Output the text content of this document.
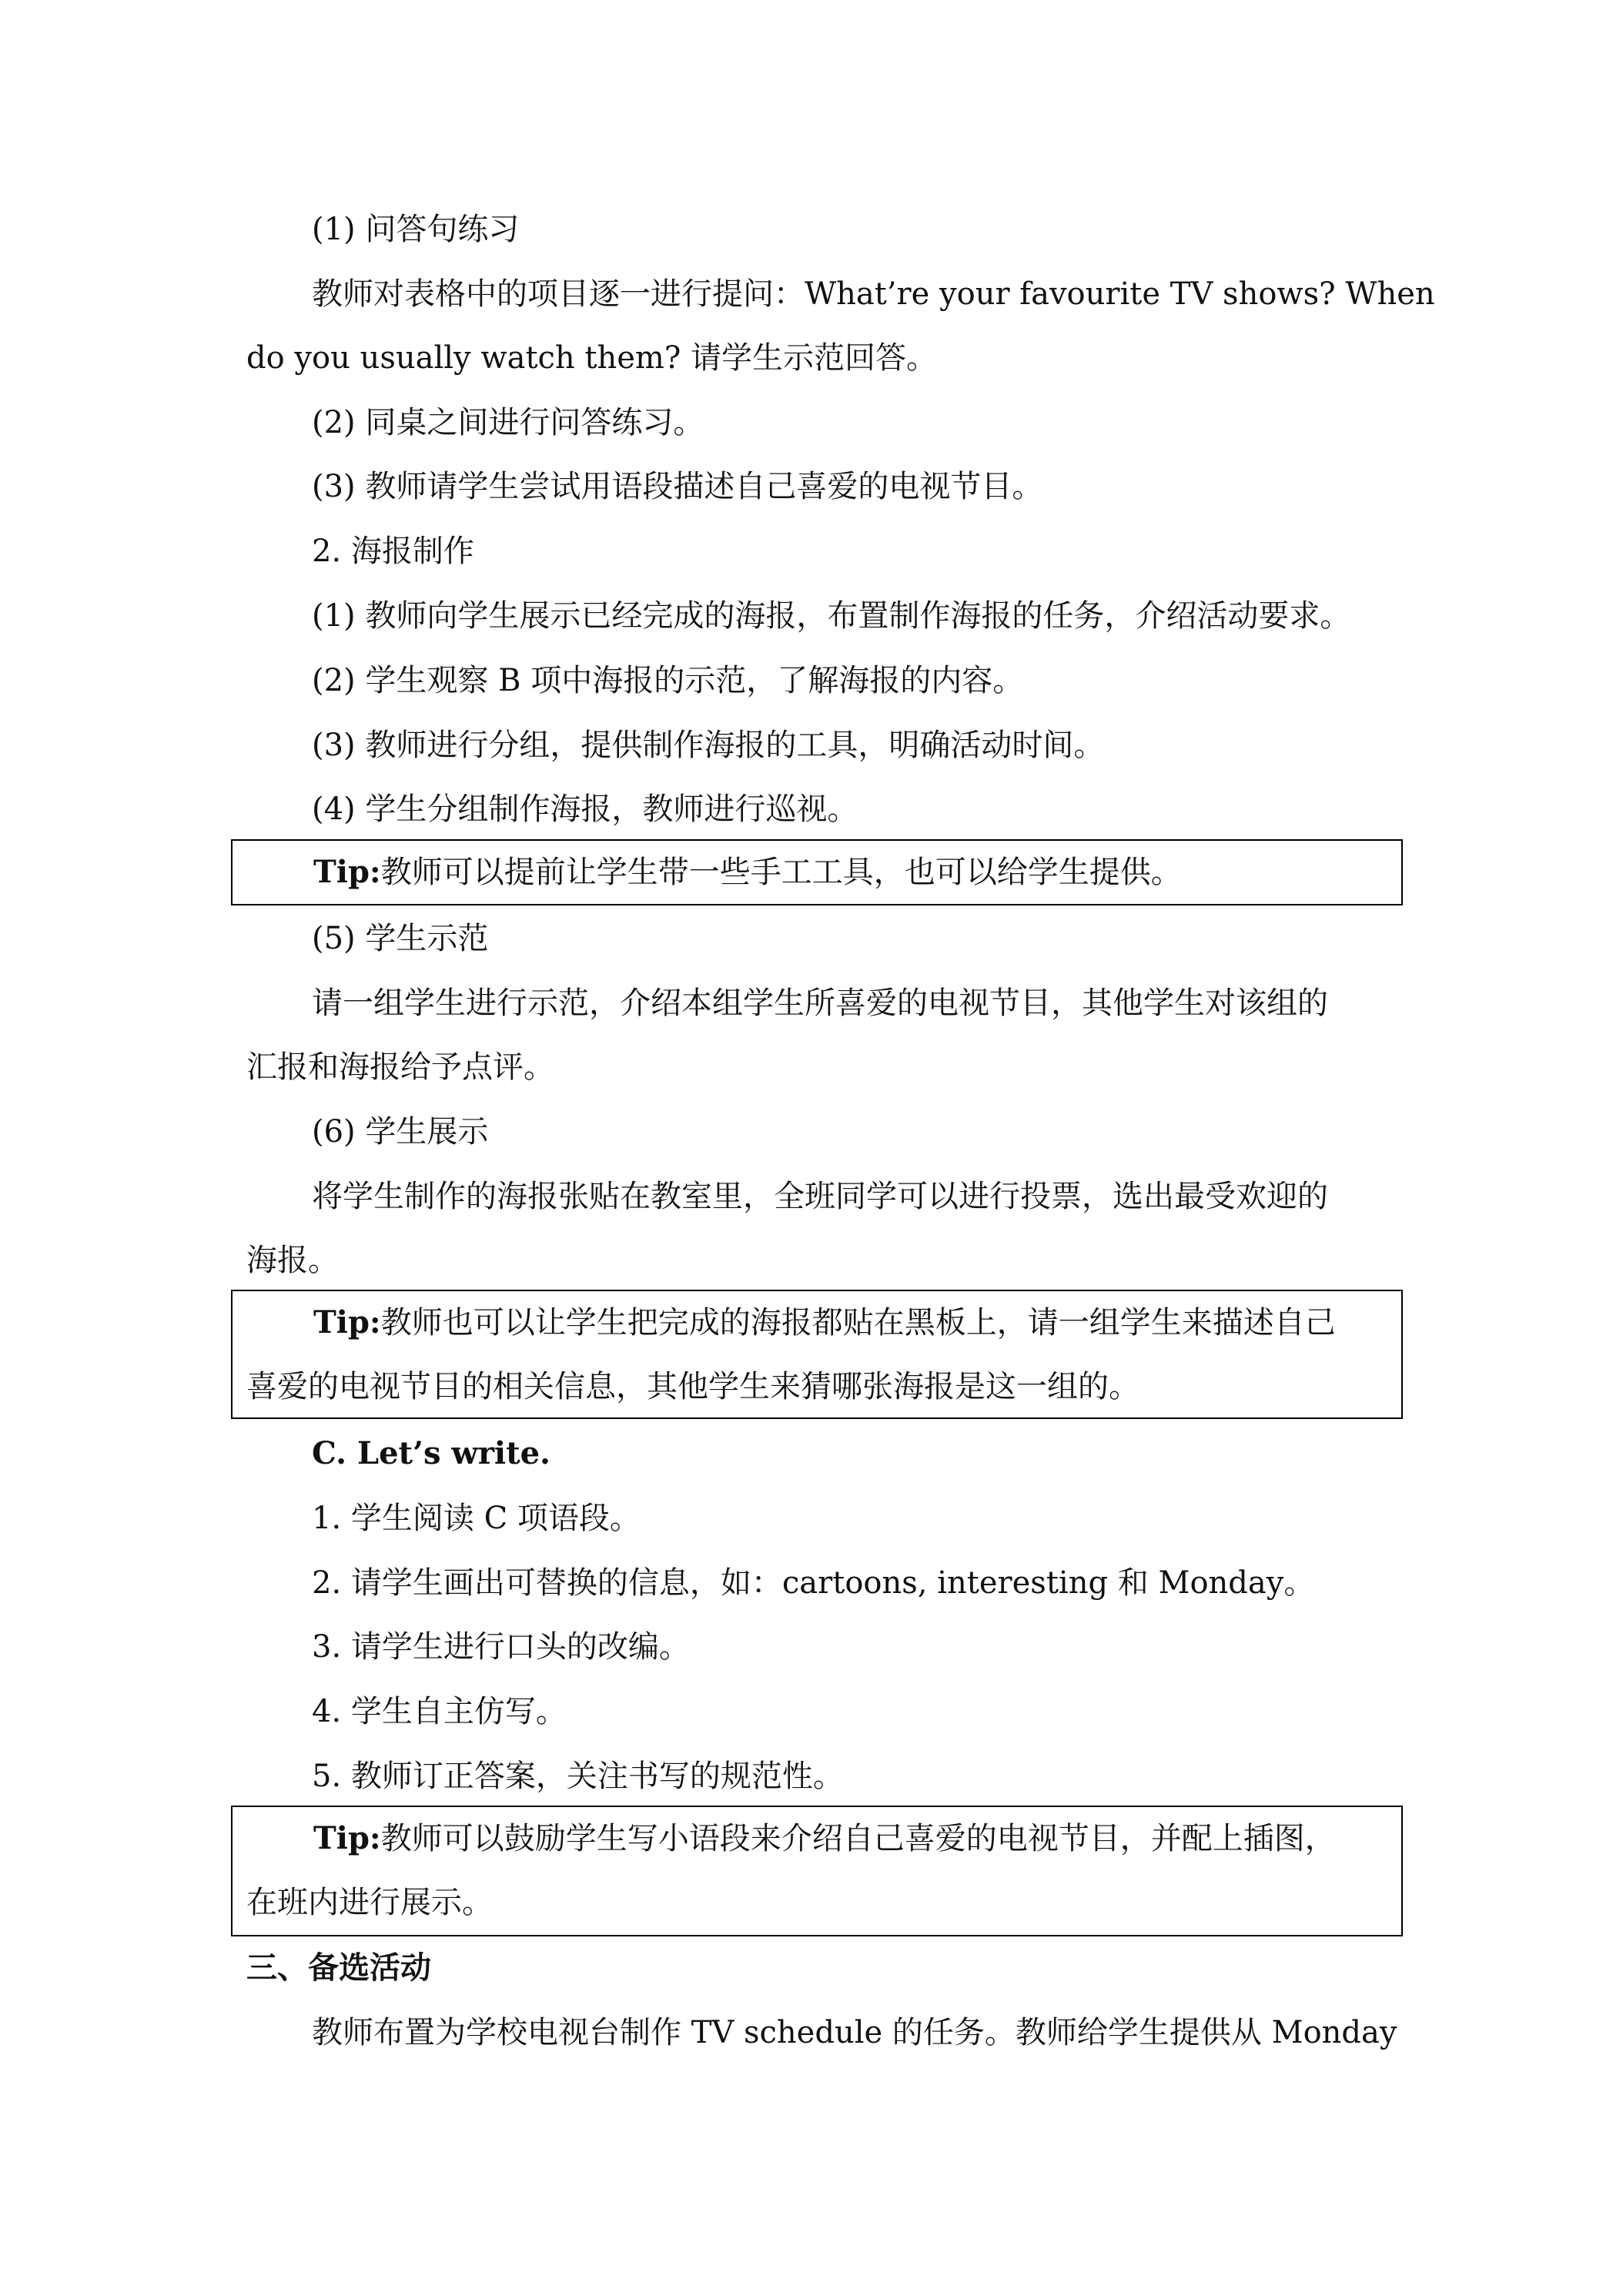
(1) 问答句练习
教师对表格中的项目逐一进行提问：What’re your favourite TV shows? When
do you usually watch them? 请学生示范回答。
(2) 同桌之间进行问答练习。
(3) 教师请学生尝试用语段描述自己喜爱的电视节目。
2. 海报制作
(1) 教师向学生展示已经完成的海报，布置制作海报的任务，介绍活动要求。
(2) 学生观察 B 项中海报的示范，了解海报的内容。
(3) 教师进行分组，提供制作海报的工具，明确活动时间。
(4) 学生分组制作海报，教师进行巡视。
Tip:教师可以提前让学生带一些手工工具，也可以给学生提供。
(5) 学生示范
请一组学生进行示范，介绍本组学生所喜爱的电视节目，其他学生对该组的
汇报和海报给予点评。
(6) 学生展示
将学生制作的海报张贴在教室里，全班同学可以进行投票，选出最受欢迎的
海报。
Tip:教师也可以让学生把完成的海报都贴在黑板上，请一组学生来描述自己
喜爱的电视节目的相关信息，其他学生来猜哪张海报是这一组的。
C. Let’s write.
1. 学生阅读 C 项语段。
2. 请学生画出可替换的信息，如：cartoons, interesting 和 Monday。
3. 请学生进行口头的改编。
4. 学生自主仿写。
5. 教师订正答案，关注书写的规范性。
Tip:教师可以鼓励学生写小语段来介绍自己喜爱的电视节目，并配上插图，
在班内进行展示。
三、备选活动
教师布置为学校电视台制作 TV schedule 的任务。教师给学生提供从 Monday
